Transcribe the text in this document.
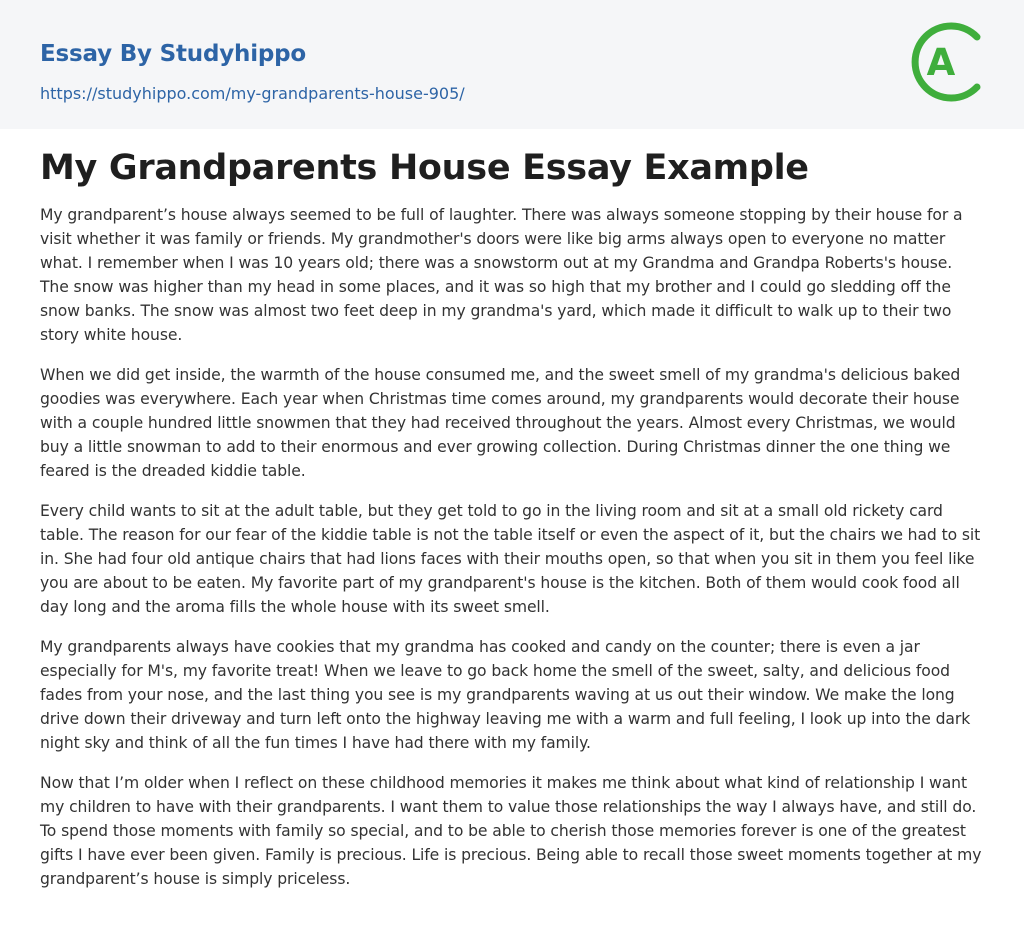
Essay By Studyhippo
https://studyhippo.com/my-grandparents-house-905/
A
My Grandparents House Essay Example

My grandparent’s house always seemed to be full of laughter. There was always someone stopping by their house for a visit whether it was family or friends. My grandmother's doors were like big arms always open to everyone no matter what. I remember when I was 10 years old; there was a snowstorm out at my Grandma and Grandpa Roberts's house. The snow was higher than my head in some places, and it was so high that my brother and I could go sledding off the snow banks. The snow was almost two feet deep in my grandma's yard, which made it difficult to walk up to their two story white house.

When we did get inside, the warmth of the house consumed me, and the sweet smell of my grandma's delicious baked goodies was everywhere. Each year when Christmas time comes around, my grandparents would decorate their house with a couple hundred little snowmen that they had received throughout the years. Almost every Christmas, we would buy a little snowman to add to their enormous and ever growing collection. During Christmas dinner the one thing we feared is the dreaded kiddie table.

Every child wants to sit at the adult table, but they get told to go in the living room and sit at a small old rickety card table. The reason for our fear of the kiddie table is not the table itself or even the aspect of it, but the chairs we had to sit in. She had four old antique chairs that had lions faces with their mouths open, so that when you sit in them you feel like you are about to be eaten. My favorite part of my grandparent's house is the kitchen. Both of them would cook food all day long and the aroma fills the whole house with its sweet smell.

My grandparents always have cookies that my grandma has cooked and candy on the counter; there is even a jar especially for M's, my favorite treat! When we leave to go back home the smell of the sweet, salty, and delicious food fades from your nose, and the last thing you see is my grandparents waving at us out their window. We make the long drive down their driveway and turn left onto the highway leaving me with a warm and full feeling, I look up into the dark night sky and think of all the fun times I have had there with my family.

Now that I’m older when I reflect on these childhood memories it makes me think about what kind of relationship I want my children to have with their grandparents. I want them to value those relationships the way I always have, and still do. To spend those moments with family so special, and to be able to cherish those memories forever is one of the greatest gifts I have ever been given. Family is precious. Life is precious. Being able to recall those sweet moments together at my grandparent’s house is simply priceless.
